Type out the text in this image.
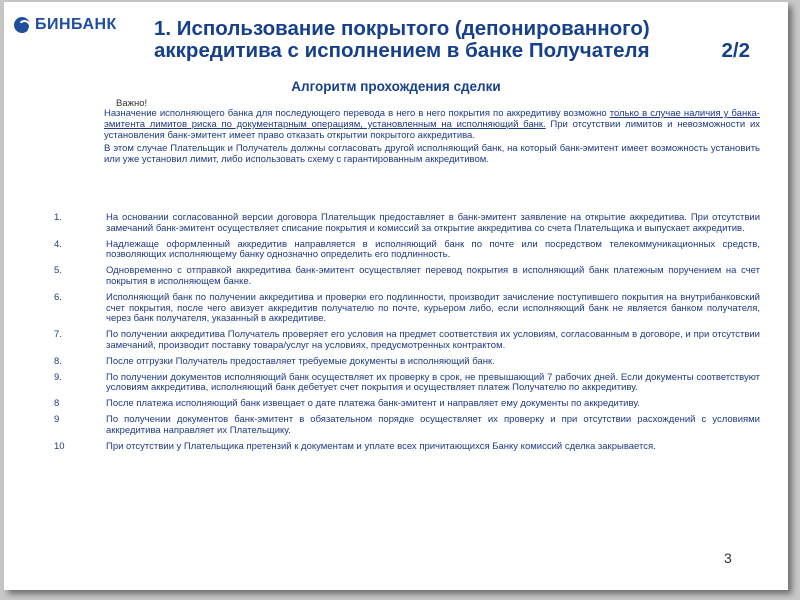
БИНБАНК 1. Использование покрытого (депонированного)
аккредитива с исполнением в банке Получателя	2/2
Алгоритм прохождения сделки
Важно!

Назначение исполняющего банка для последующего перевода в него в него покрытия по аккредитиву возможно только в случае наличия у банка-эмитента лимитов риска по документарным операциям, установленным на исполняющий банк. При отсутствии лимитов и невозможности их установления банк-эмитент имеет право отказать открытии покрытого аккредитива.

В этом случае Плательщик и Получатель должны согласовать другой исполняющий банк, на который банк-эмитент имеет возможность установить или уже установил лимит, либо использовать схему с гарантированным аккредитивом.

1.	На основании согласованной версии договора Плательщик предоставляет в банк-эмитент заявление на открытие аккредитива. При отсутствии замечаний банк-эмитент осуществляет списание покрытия и комиссий за открытие аккредитива со счета Плательщика и выпускает аккредитив.
4.	Надлежаще оформленный аккредитив направляется в исполняющий банк по почте или посредством телекоммуникационных средств, позволяющих исполняющему банку однозначно определить его подлинность.
5.	Одновременно с отправкой аккредитива банк-эмитент осуществляет перевод покрытия в исполняющий банк платежным поручением на счет покрытия в исполняющем банке.
6.	Исполняющий банк по получении аккредитива и проверки его подлинности, производит зачисление поступившего покрытия на внутрибанковский счет покрытия, после чего авизует аккредитив получателю по почте, курьером либо, если исполняющий банк не является банком получателя, через банк получателя, указанный в аккредитиве.
7.	По получении аккредитива Получатель проверяет его условия на предмет соответствия их условиям, согласованным в договоре, и при отсутствии замечаний, производит поставку товара/услуг на условиях, предусмотренных контрактом.
8.	После отгрузки Получатель предоставляет требуемые документы в исполняющий банк.
9.	По получении документов исполняющий банк осуществляет их проверку в срок, не превышающий 7 рабочих дней. Если документы соответствуют условиям аккредитива, исполняющий банк дебетует счет покрытия и осуществляет платеж Получателю по аккредитиву.
8	После платежа исполняющий банк извещает о дате платежа банк-эмитент и направляет ему документы по аккредитиву.
9	По получении документов банк-эмитент в обязательном порядке осуществляет их проверку и при отсутствии расхождений с условиями аккредитива направляет их Плательщику.
10	При отсутствии у Плательщика претензий к документам и уплате всех причитающихся Банку комиссий сделка закрывается.
3
